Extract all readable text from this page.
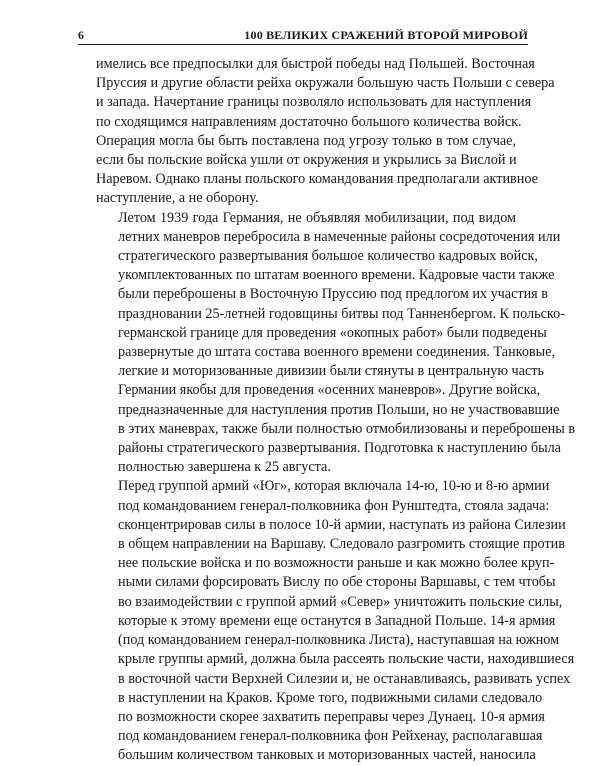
6	100 ВЕЛИКИХ СРАЖЕНИЙ ВТОРОЙ МИРОВОЙ

имелись все предпосылки для быстрой победы над Польшей. Восточная
Пруссия и другие области рейха окружали большую часть Польши с севера
и запада. Начертание границы позволяло использовать для наступления
по сходящимся направлениям достаточно большого количества войск.
Операция могла бы быть поставлена под угрозу только в том случае,
если бы польские войска ушли от окружения и укрылись за Вислой и
Наревом. Однако планы польского командования предполагали активное
наступление, а не оборону.

Летом 1939 года Германия, не объявляя мобилизации, под видом
летних маневров перебросила в намеченные районы сосредоточения или
стратегического развертывания большое количество кадровых войск,
укомплектованных по штатам военного времени. Кадровые части также
были переброшены в Восточную Пруссию под предлогом их участия в
праздновании 25-летней годовщины битвы под Танненбергом. К польско-
германской границе для проведения «окопных работ» были подведены
развернутые до штата состава военного времени соединения. Танковые,
легкие и моторизованные дивизии были стянуты в центральную часть
Германии якобы для проведения «осенних маневров». Другие войска,
предназначенные для наступления против Польши, но не участвовавшие
в этих маневрах, также были полностью отмобилизованы и переброшены в
районы стратегического развертывания. Подготовка к наступлению была
полностью завершена к 25 августа.

Перед группой армий «Юг», которая включала 14-ю, 10-ю и 8-ю армии
под командованием генерал-полковника фон Рунштедта, стояла задача:
сконцентрировав силы в полосе 10-й армии, наступать из района Силезии
в общем направлении на Варшаву. Следовало разгромить стоящие против
нее польские войска и по возможности раньше и как можно более круп-
ными силами форсировать Вислу по обе стороны Варшавы, с тем чтобы
во взаимодействии с группой армий «Север» уничтожить польские силы,
которые к этому времени еще останутся в Западной Польше. 14-я армия
(под командованием генерал-полковника Листа), наступавшая на южном
крыле группы армий, должна была рассеять польские части, находившиеся
в восточной части Верхней Силезии и, не останавливаясь, развивать успех
в наступлении на Краков. Кроме того, подвижными силами следовало
по возможности скорее захватить переправы через Дунаец. 10-я армия
под командованием генерал-полковника фон Рейхенау, располагавшая
большим количеством танковых и моторизованных частей, наносила
